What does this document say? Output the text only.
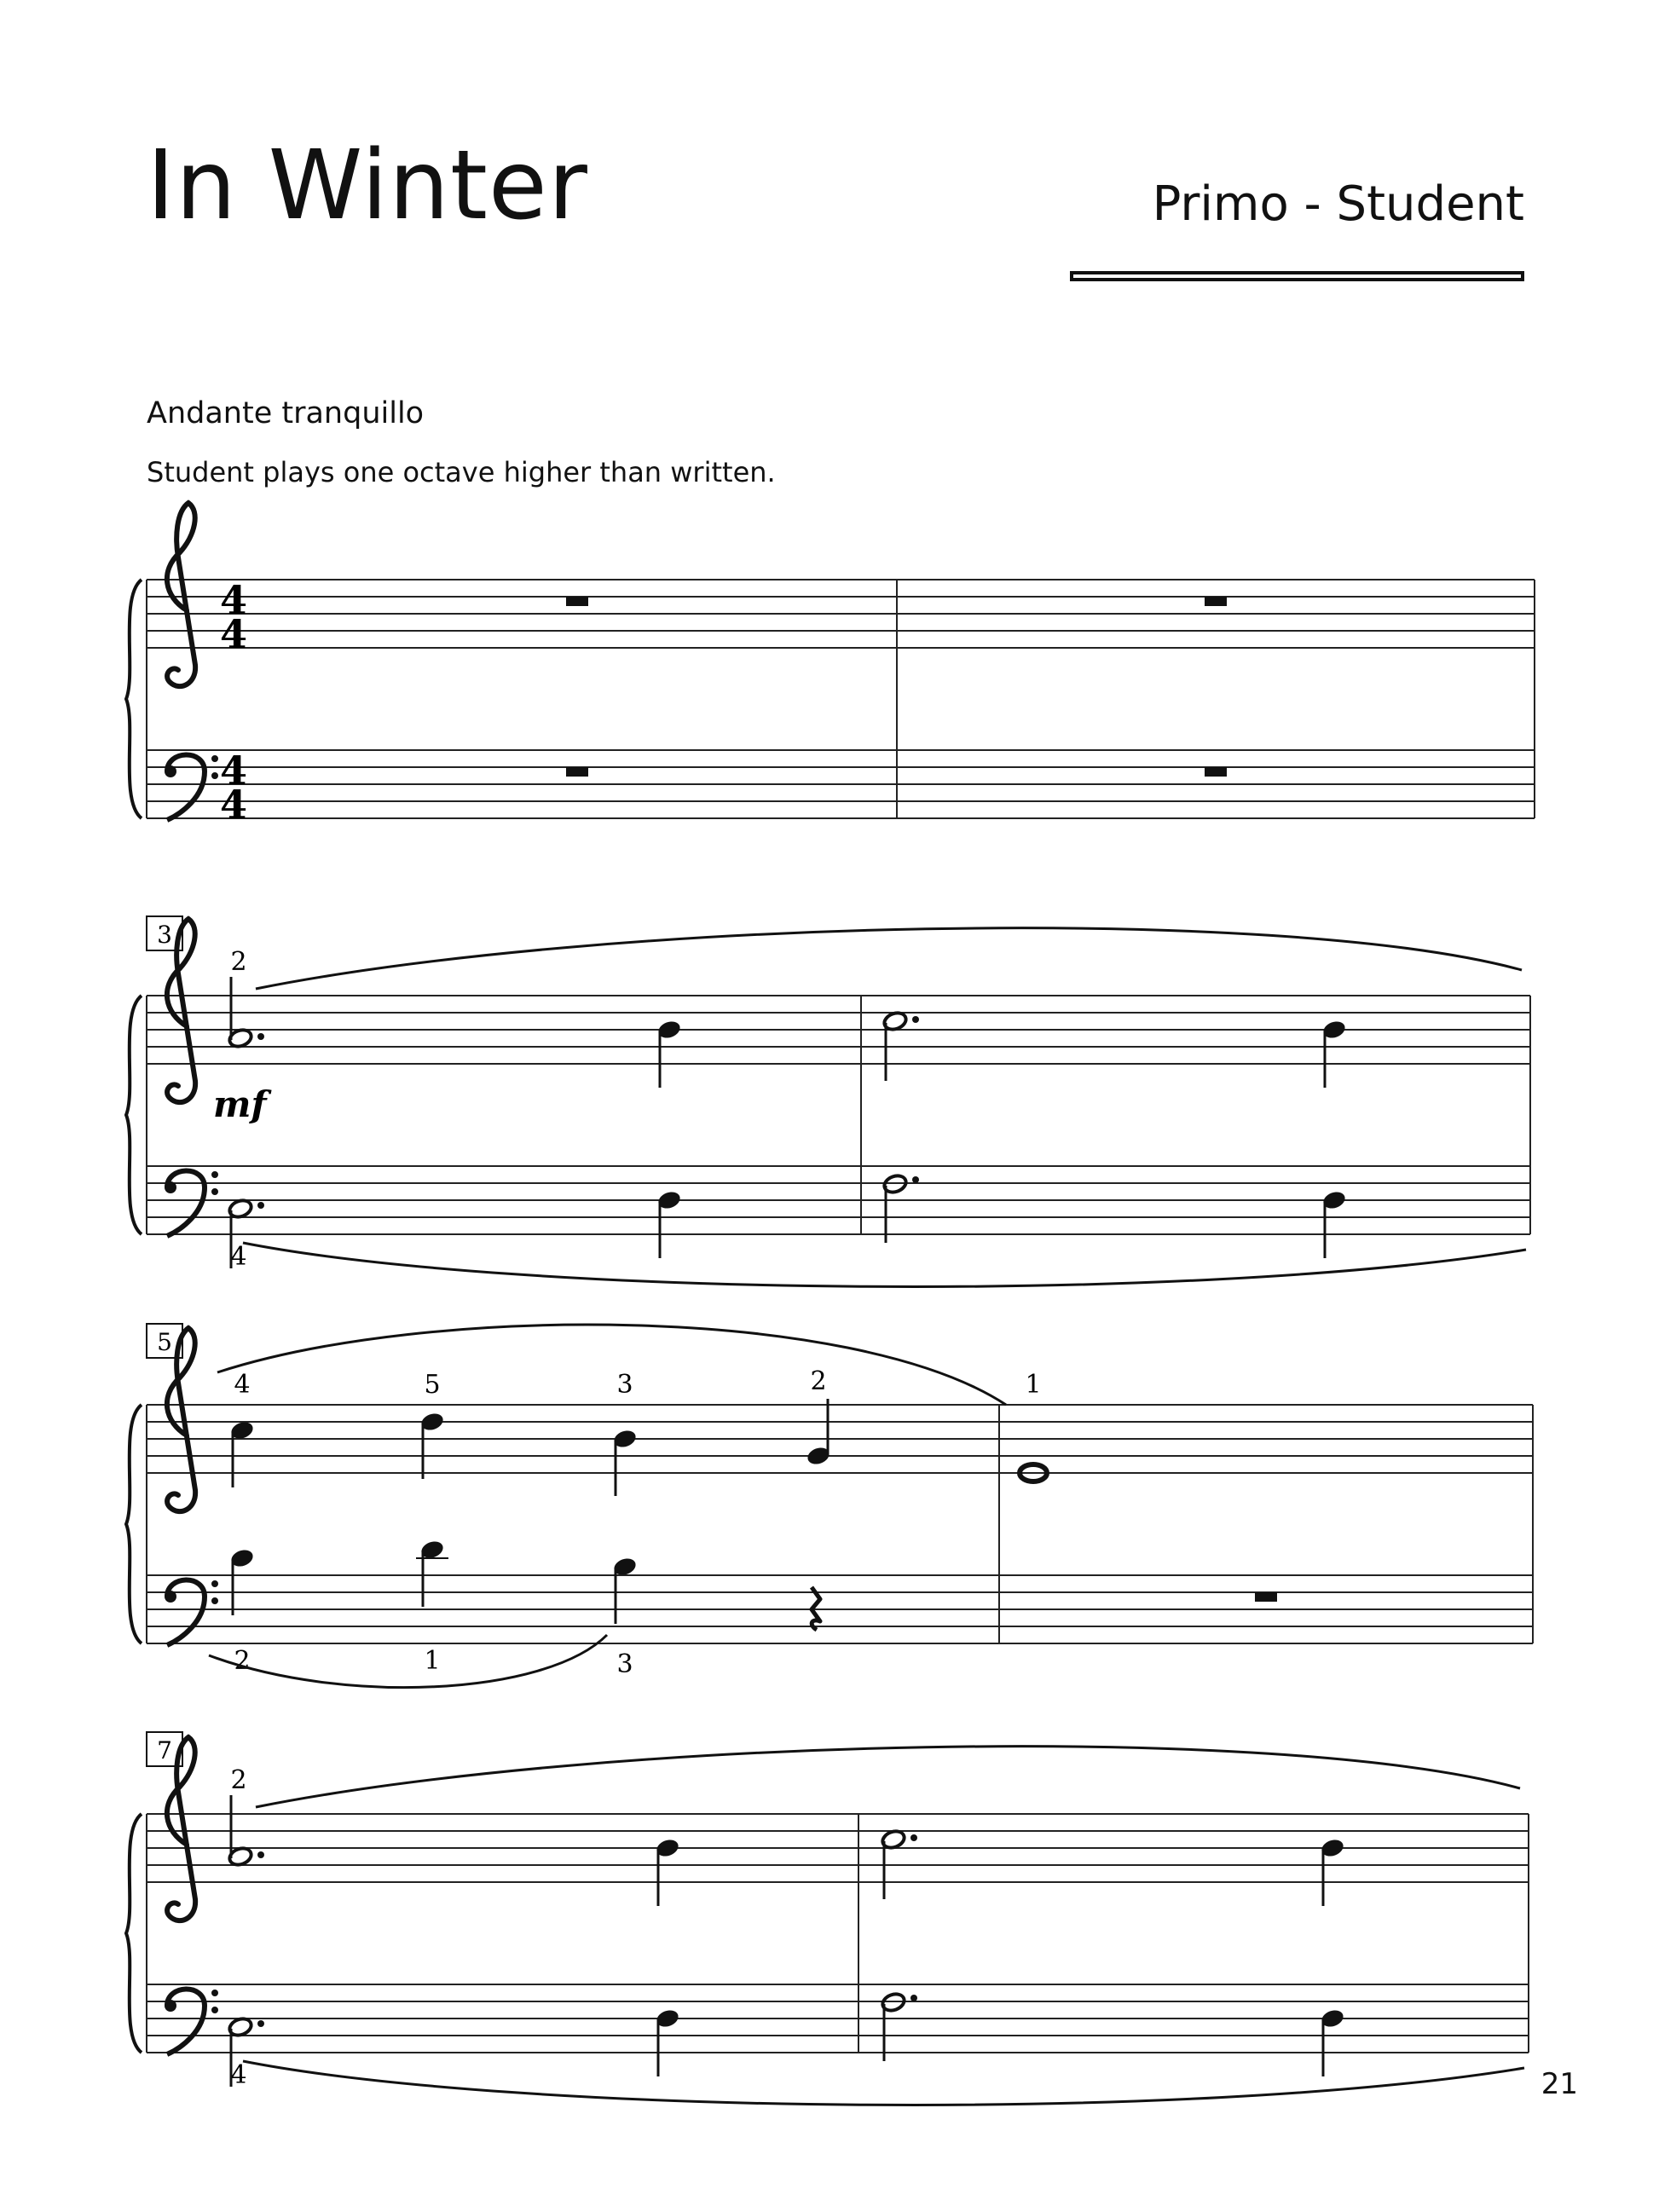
In Winter	Primo - Student
Andante tranquillo
Student plays one octave higher than written.
4
4
4
4
3
2
4
mf
5
4	5	3	2	1
2	1	3
7
2
4	21
